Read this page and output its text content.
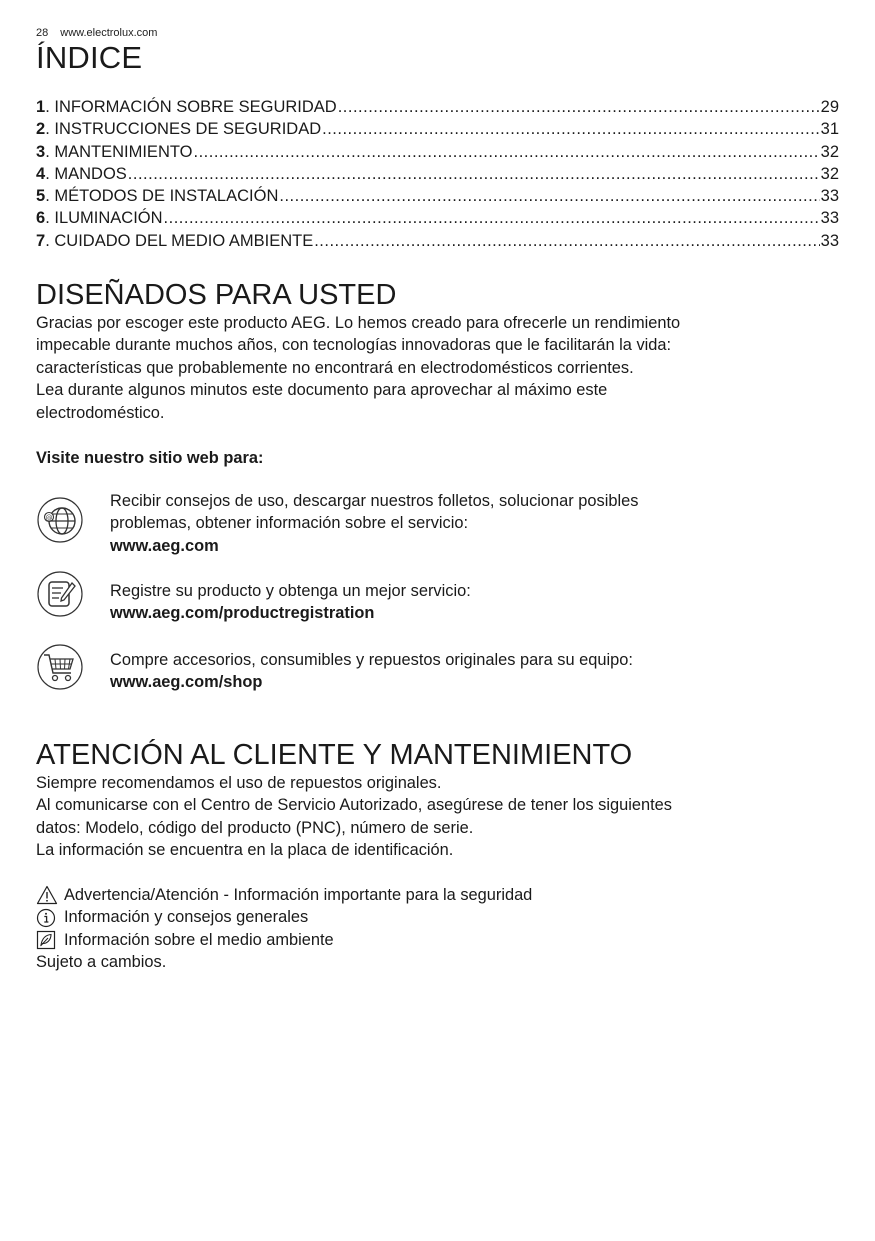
28 www.electrolux.com
ÍNDICE
1 . INFORMACIÓN SOBRE SEGURIDAD .....	29
2 . INSTRUCCIONES DE SEGURIDAD .....	31
3 . MANTENIMIENTO .....	32
4 . MANDOS .....	32
5 . MÉTODOS DE INSTALACIÓN .....	33
6 . ILUMINACIÓN .....	33
7 . CUIDADO DEL MEDIO AMBIENTE .....	33
DISEÑADOS PARA USTED

Gracias por escoger este producto AEG. Lo hemos creado para ofrecerle un rendimiento

impecable durante muchos años, con tecnologías innovadoras que le facilitarán la vida:

características que probablemente no encontrará en electrodomésticos corrientes.

Lea durante algunos minutos este documento para aprovechar al máximo este

electrodoméstico.

Visite nuestro sitio web para:
@

Recibir consejos de uso, descargar nuestros folletos, solucionar posibles

problemas, obtener información sobre el servicio:

www.aeg.com

Registre su producto y obtenga un mejor servicio:

www.aeg.com/productregistration

Compre accesorios, consumibles y repuestos originales para su equipo:

www.aeg.com/shop

ATENCIÓN AL CLIENTE Y MANTENIMIENTO

Siempre recomendamos el uso de repuestos originales.

Al comunicarse con el Centro de Servicio Autorizado, asegúrese de tener los siguientes

datos: Modelo, código del producto (PNC), número de serie.

La información se encuentra en la placa de identificación.

Advertencia/Atención - Información importante para la seguridad
Información y consejos generales
Información sobre el medio ambiente
Sujeto a cambios.
